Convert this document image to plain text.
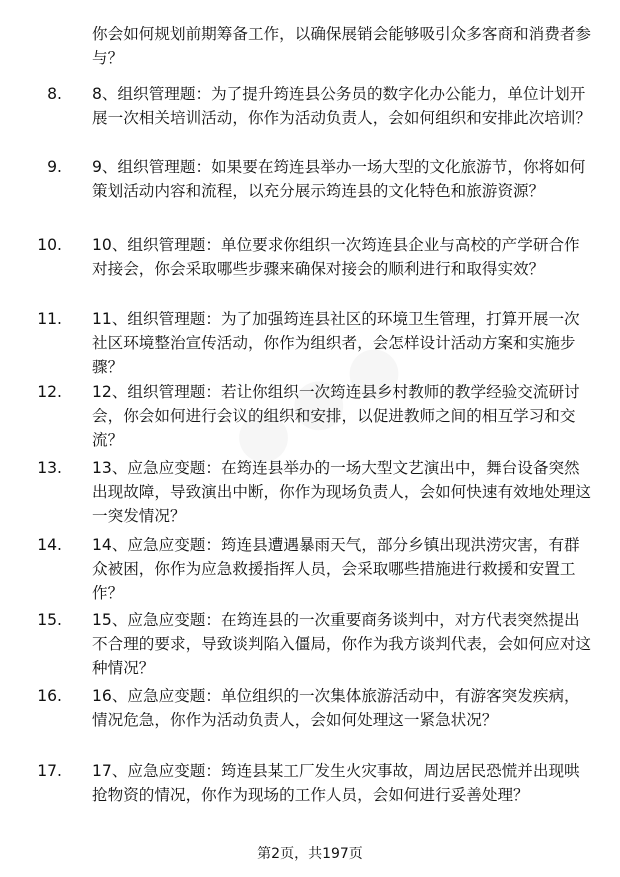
你会如何规划前期筹备工作，以确保展销会能够吸引众多客商和消费者参与？
8. 8、组织管理题：为了提升筠连县公务员的数字化办公能力，单位计划开展一次相关培训活动，你作为活动负责人，会如何组织和安排此次培训？
9. 9、组织管理题：如果要在筠连县举办一场大型的文化旅游节，你将如何策划活动内容和流程，以充分展示筠连县的文化特色和旅游资源？
10. 10、组织管理题：单位要求你组织一次筠连县企业与高校的产学研合作对接会，你会采取哪些步骤来确保对接会的顺利进行和取得实效？
11. 11、组织管理题：为了加强筠连县社区的环境卫生管理，打算开展一次社区环境整治宣传活动，你作为组织者，会怎样设计活动方案和实施步骤？
12. 12、组织管理题：若让你组织一次筠连县乡村教师的教学经验交流研讨会，你会如何进行会议的组织和安排，以促进教师之间的相互学习和交流？
13. 13、应急应变题：在筠连县举办的一场大型文艺演出中，舞台设备突然出现故障，导致演出中断，你作为现场负责人，会如何快速有效地处理这一突发情况？
14. 14、应急应变题：筠连县遭遇暴雨天气，部分乡镇出现洪涝灾害，有群众被困，你作为应急救援指挥人员，会采取哪些措施进行救援和安置工作？
15. 15、应急应变题：在筠连县的一次重要商务谈判中，对方代表突然提出不合理的要求，导致谈判陷入僵局，你作为我方谈判代表，会如何应对这种情况？
16. 16、应急应变题：单位组织的一次集体旅游活动中，有游客突发疾病，情况危急，你作为活动负责人，会如何处理这一紧急状况？
17. 17、应急应变题：筠连县某工厂发生火灾事故，周边居民恐慌并出现哄抢物资的情况，你作为现场的工作人员，会如何进行妥善处理？
第2页，共197页
